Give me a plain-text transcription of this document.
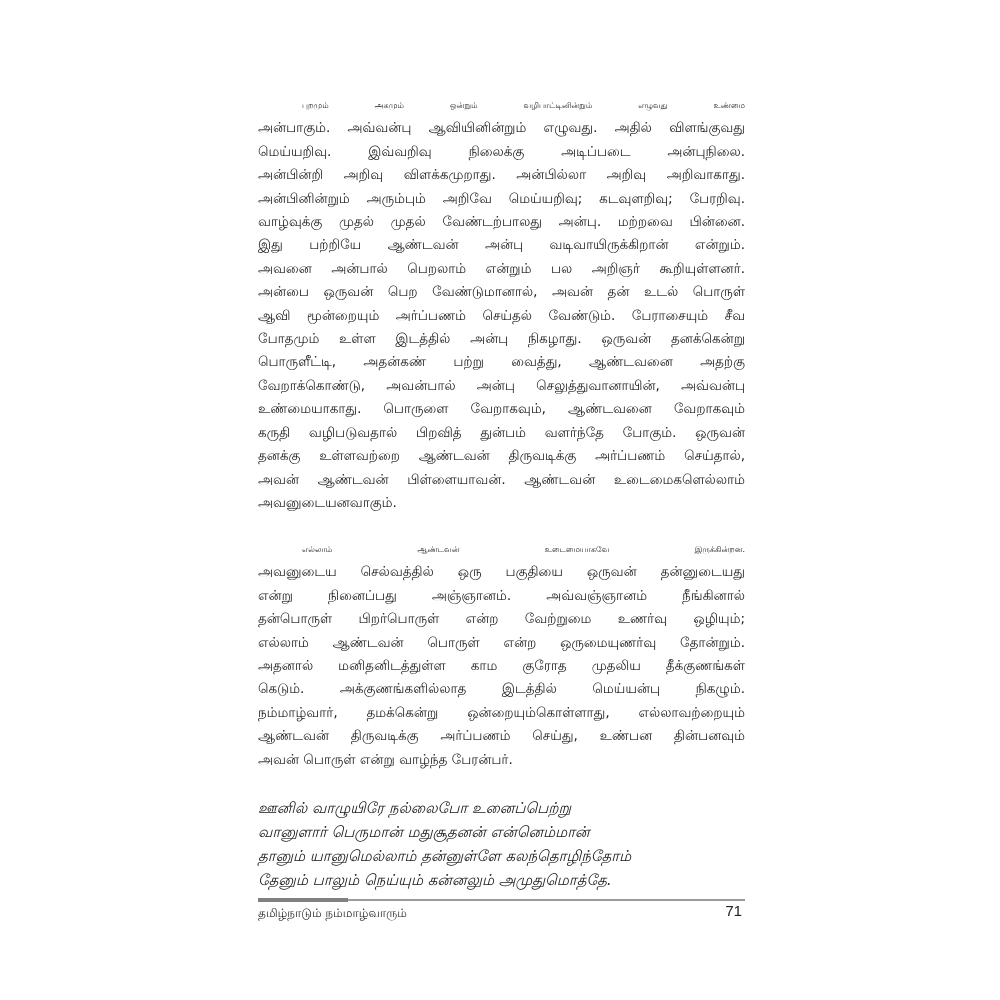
புறமும் அகமும் ஒன்றும் வழிபாட்டினின்றும் எழுவது உண்மை
அன்பாகும். அவ்வன்பு ஆவியினின்றும் எழுவது. அதில் விளங்குவது
மெய்யறிவு. இவ்வறிவு நிலைக்கு அடிப்படை அன்புநிலை.
அன்பின்றி அறிவு விளக்கமுறாது. அன்பில்லா அறிவு அறிவாகாது.
அன்பினின்றும் அரும்பும் அறிவே மெய்யறிவு; கடவுளறிவு; பேரறிவு.
வாழ்வுக்கு முதல் முதல் வேண்டற்பாலது அன்பு. மற்றவை பின்னை.
இது பற்றியே ஆண்டவன் அன்பு வடிவாயிருக்கிறான் என்றும்.
அவனை அன்பால் பெறலாம் என்றும் பல அறிஞர் கூறியுள்ளனர்.
அன்பை ஒருவன் பெற வேண்டுமானால், அவன் தன் உடல் பொருள்
ஆவி மூன்றையும் அர்ப்பணம் செய்தல் வேண்டும். பேராசையும் சீவ
போதமும் உள்ள இடத்தில் அன்பு நிகழாது. ஒருவன் தனக்கென்று
பொருளீட்டி, அதன்கண் பற்று வைத்து, ஆண்டவனை அதற்கு
வேறாக்கொண்டு, அவன்பால் அன்பு செலுத்துவானாயின், அவ்வன்பு
உண்மையாகாது. பொருளை வேறாகவும், ஆண்டவனை வேறாகவும்
கருதி வழிபடுவதால் பிறவித் துன்பம் வளர்ந்தே போகும். ஒருவன்
தனக்கு உள்ளவற்றை ஆண்டவன் திருவடிக்கு அர்ப்பணம் செய்தால்,
அவன் ஆண்டவன் பிள்ளையாவன். ஆண்டவன் உடைமைகளெல்லாம்
அவனுடையனவாகும்.
எல்லாம் ஆண்டவன் உடைமையாகவே இருக்கின்றன.
அவனுடைய செல்வத்தில் ஒரு பகுதியை ஒருவன் தன்னுடையது
என்று நினைப்பது அஞ்ஞானம். அவ்வஞ்ஞானம் நீங்கினால்
தன்பொருள் பிறர்பொருள் என்ற வேற்றுமை உணர்வு ஒழியும்;
எல்லாம் ஆண்டவன் பொருள் என்ற ஒருமையுணர்வு தோன்றும்.
அதனால் மனிதனிடத்துள்ள காம குரோத முதலிய தீக்குணங்கள்
கெடும். அக்குணங்களில்லாத இடத்தில் மெய்யன்பு நிகழும்.
நம்மாழ்வார், தமக்கென்று ஒன்றையும்கொள்ளாது, எல்லாவற்றையும்
ஆண்டவன் திருவடிக்கு அர்ப்பணம் செய்து, உண்பன தின்பனவும்
அவன் பொருள் என்று வாழ்ந்த பேரன்பர்.
ஊனில் வாழுயிரே நல்லைபோ உனைப்பெற்று
வானுளார் பெருமான் மதுசூதனன் என்னெம்மான்
தானும் யானுமெல்லாம் தன்னுள்ளே கலந்தொழிந்தோம்
தேனும் பாலும் நெய்யும் கன்னலும் அமுதுமொத்தே.
தமிழ்நாடும் நம்மாழ்வாரும்	71
